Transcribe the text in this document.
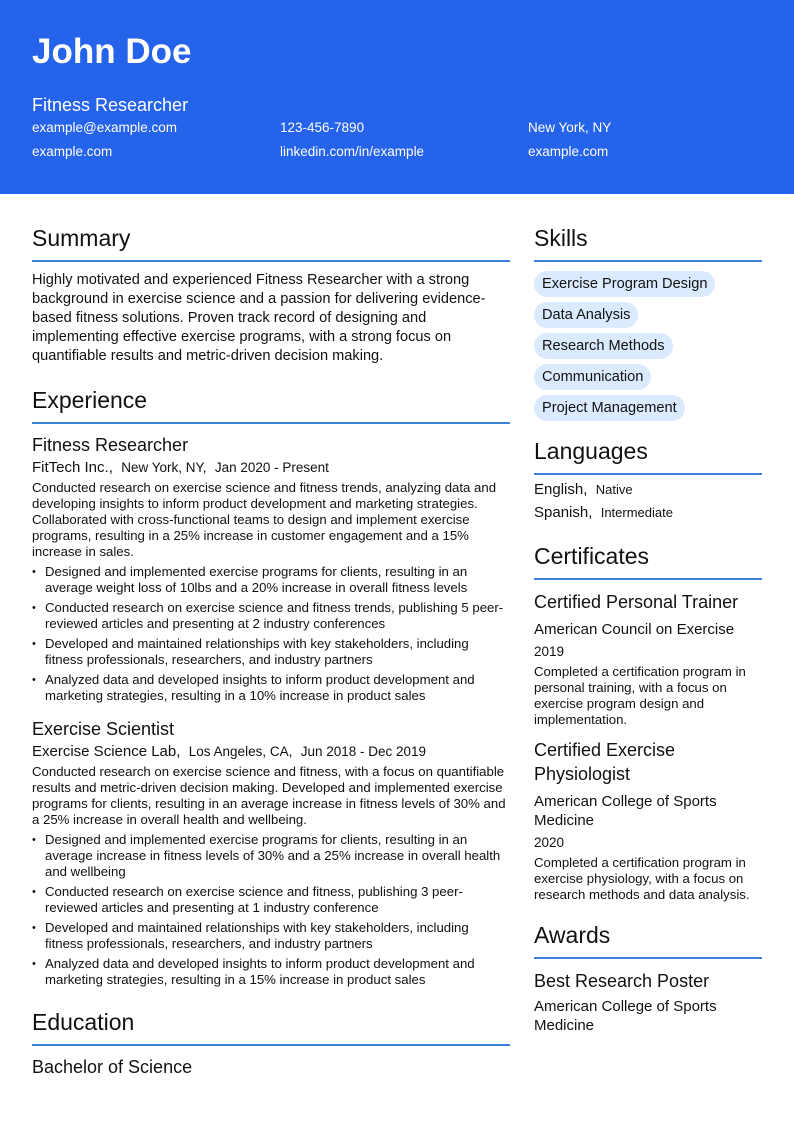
John Doe
Fitness Researcher
example@example.com	123-456-7890	New York, NY
example.com	linkedin.com/in/example	example.com
Summary
Highly motivated and experienced Fitness Researcher with a strong background in exercise science and a passion for delivering evidence-based fitness solutions. Proven track record of designing and implementing effective exercise programs, with a strong focus on quantifiable results and metric-driven decision making.
Experience
Fitness Researcher
FitTech Inc., New York, NY, Jan 2020 - Present
Conducted research on exercise science and fitness trends, analyzing data and developing insights to inform product development and marketing strategies. Collaborated with cross-functional teams to design and implement exercise programs, resulting in a 25% increase in customer engagement and a 15% increase in sales.
• Designed and implemented exercise programs for clients, resulting in an average weight loss of 10lbs and a 20% increase in overall fitness levels
• Conducted research on exercise science and fitness trends, publishing 5 peer-reviewed articles and presenting at 2 industry conferences
• Developed and maintained relationships with key stakeholders, including fitness professionals, researchers, and industry partners
• Analyzed data and developed insights to inform product development and marketing strategies, resulting in a 10% increase in product sales
Exercise Scientist
Exercise Science Lab, Los Angeles, CA, Jun 2018 - Dec 2019
Conducted research on exercise science and fitness, with a focus on quantifiable results and metric-driven decision making. Developed and implemented exercise programs for clients, resulting in an average increase in fitness levels of 30% and a 25% increase in overall health and wellbeing.
• Designed and implemented exercise programs for clients, resulting in an average increase in fitness levels of 30% and a 25% increase in overall health and wellbeing
• Conducted research on exercise science and fitness, publishing 3 peer-reviewed articles and presenting at 1 industry conference
• Developed and maintained relationships with key stakeholders, including fitness professionals, researchers, and industry partners
• Analyzed data and developed insights to inform product development and marketing strategies, resulting in a 15% increase in product sales
Education
Bachelor of Science
Skills
Exercise Program Design
Data Analysis
Research Methods
Communication
Project Management
Languages
English, Native
Spanish, Intermediate
Certificates
Certified Personal Trainer
American Council on Exercise
2019
Completed a certification program in personal training, with a focus on exercise program design and implementation.
Certified Exercise Physiologist
American College of Sports Medicine
2020
Completed a certification program in exercise physiology, with a focus on research methods and data analysis.
Awards
Best Research Poster
American College of Sports Medicine
